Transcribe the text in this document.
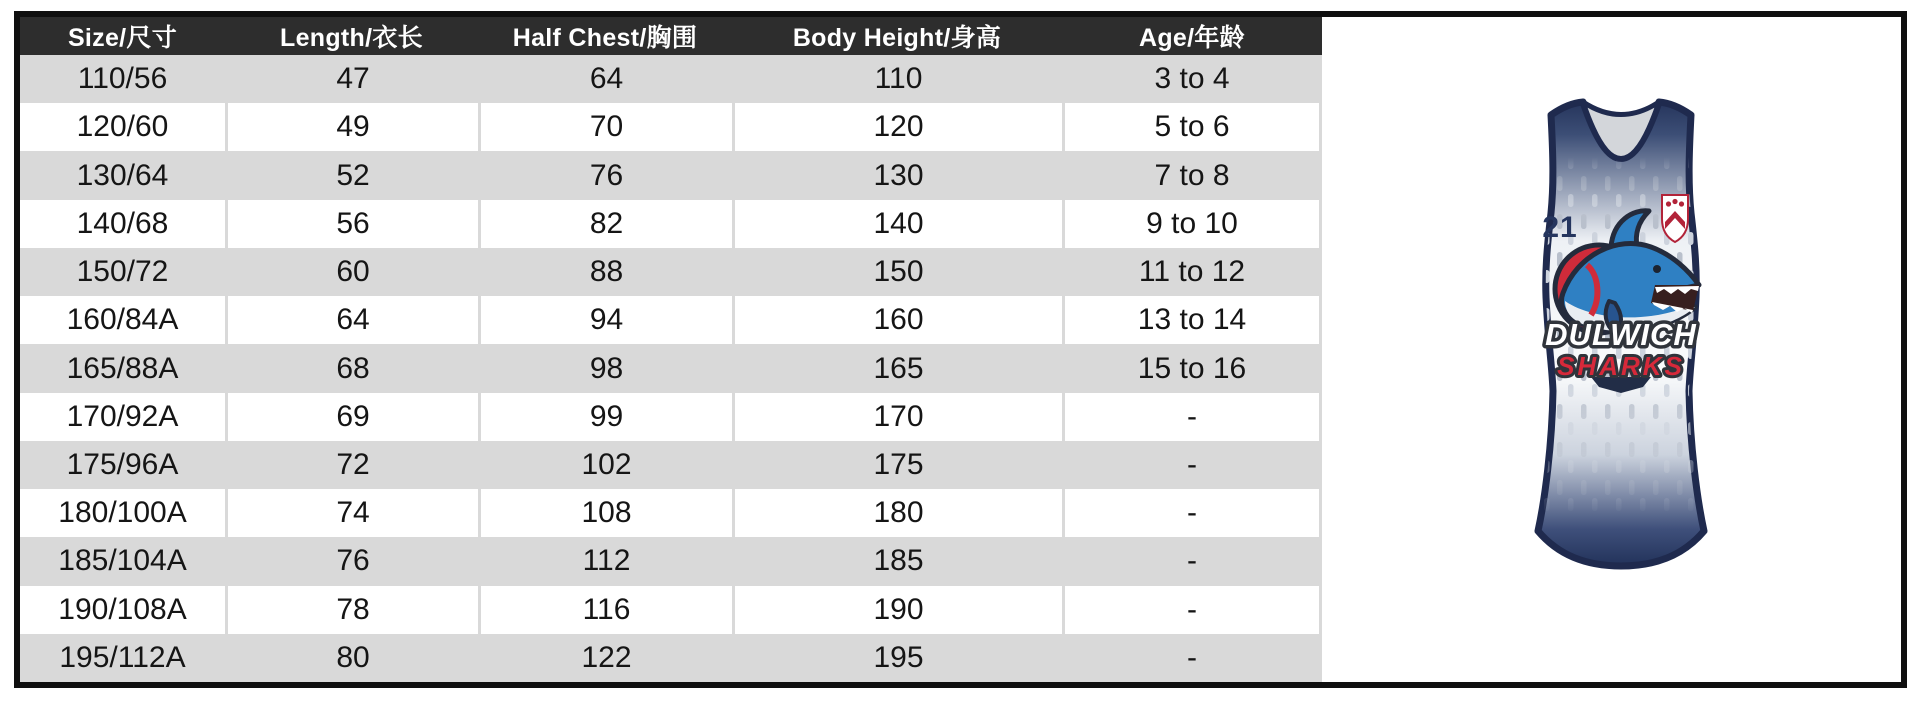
Size/尺寸	Length/衣长	Half Chest/胸围	Body Height/身高	Age/年龄
110/56	47	64	110	3 to 4
120/60	49	70	120	5 to 6
130/64	52	76	130	7 to 8
140/68	56	82	140	9 to 10
150/72	60	88	150	11 to 12
160/84A	64	94	160	13 to 14
165/88A	68	98	165	15 to 16
170/92A	69	99	170	-
175/96A	72	102	175	-
180/100A	74	108	180	-
185/104A	76	112	185	-
190/108A	78	116	190	-
195/112A	80	122	195	-
21
DULWICH
SHARKS
